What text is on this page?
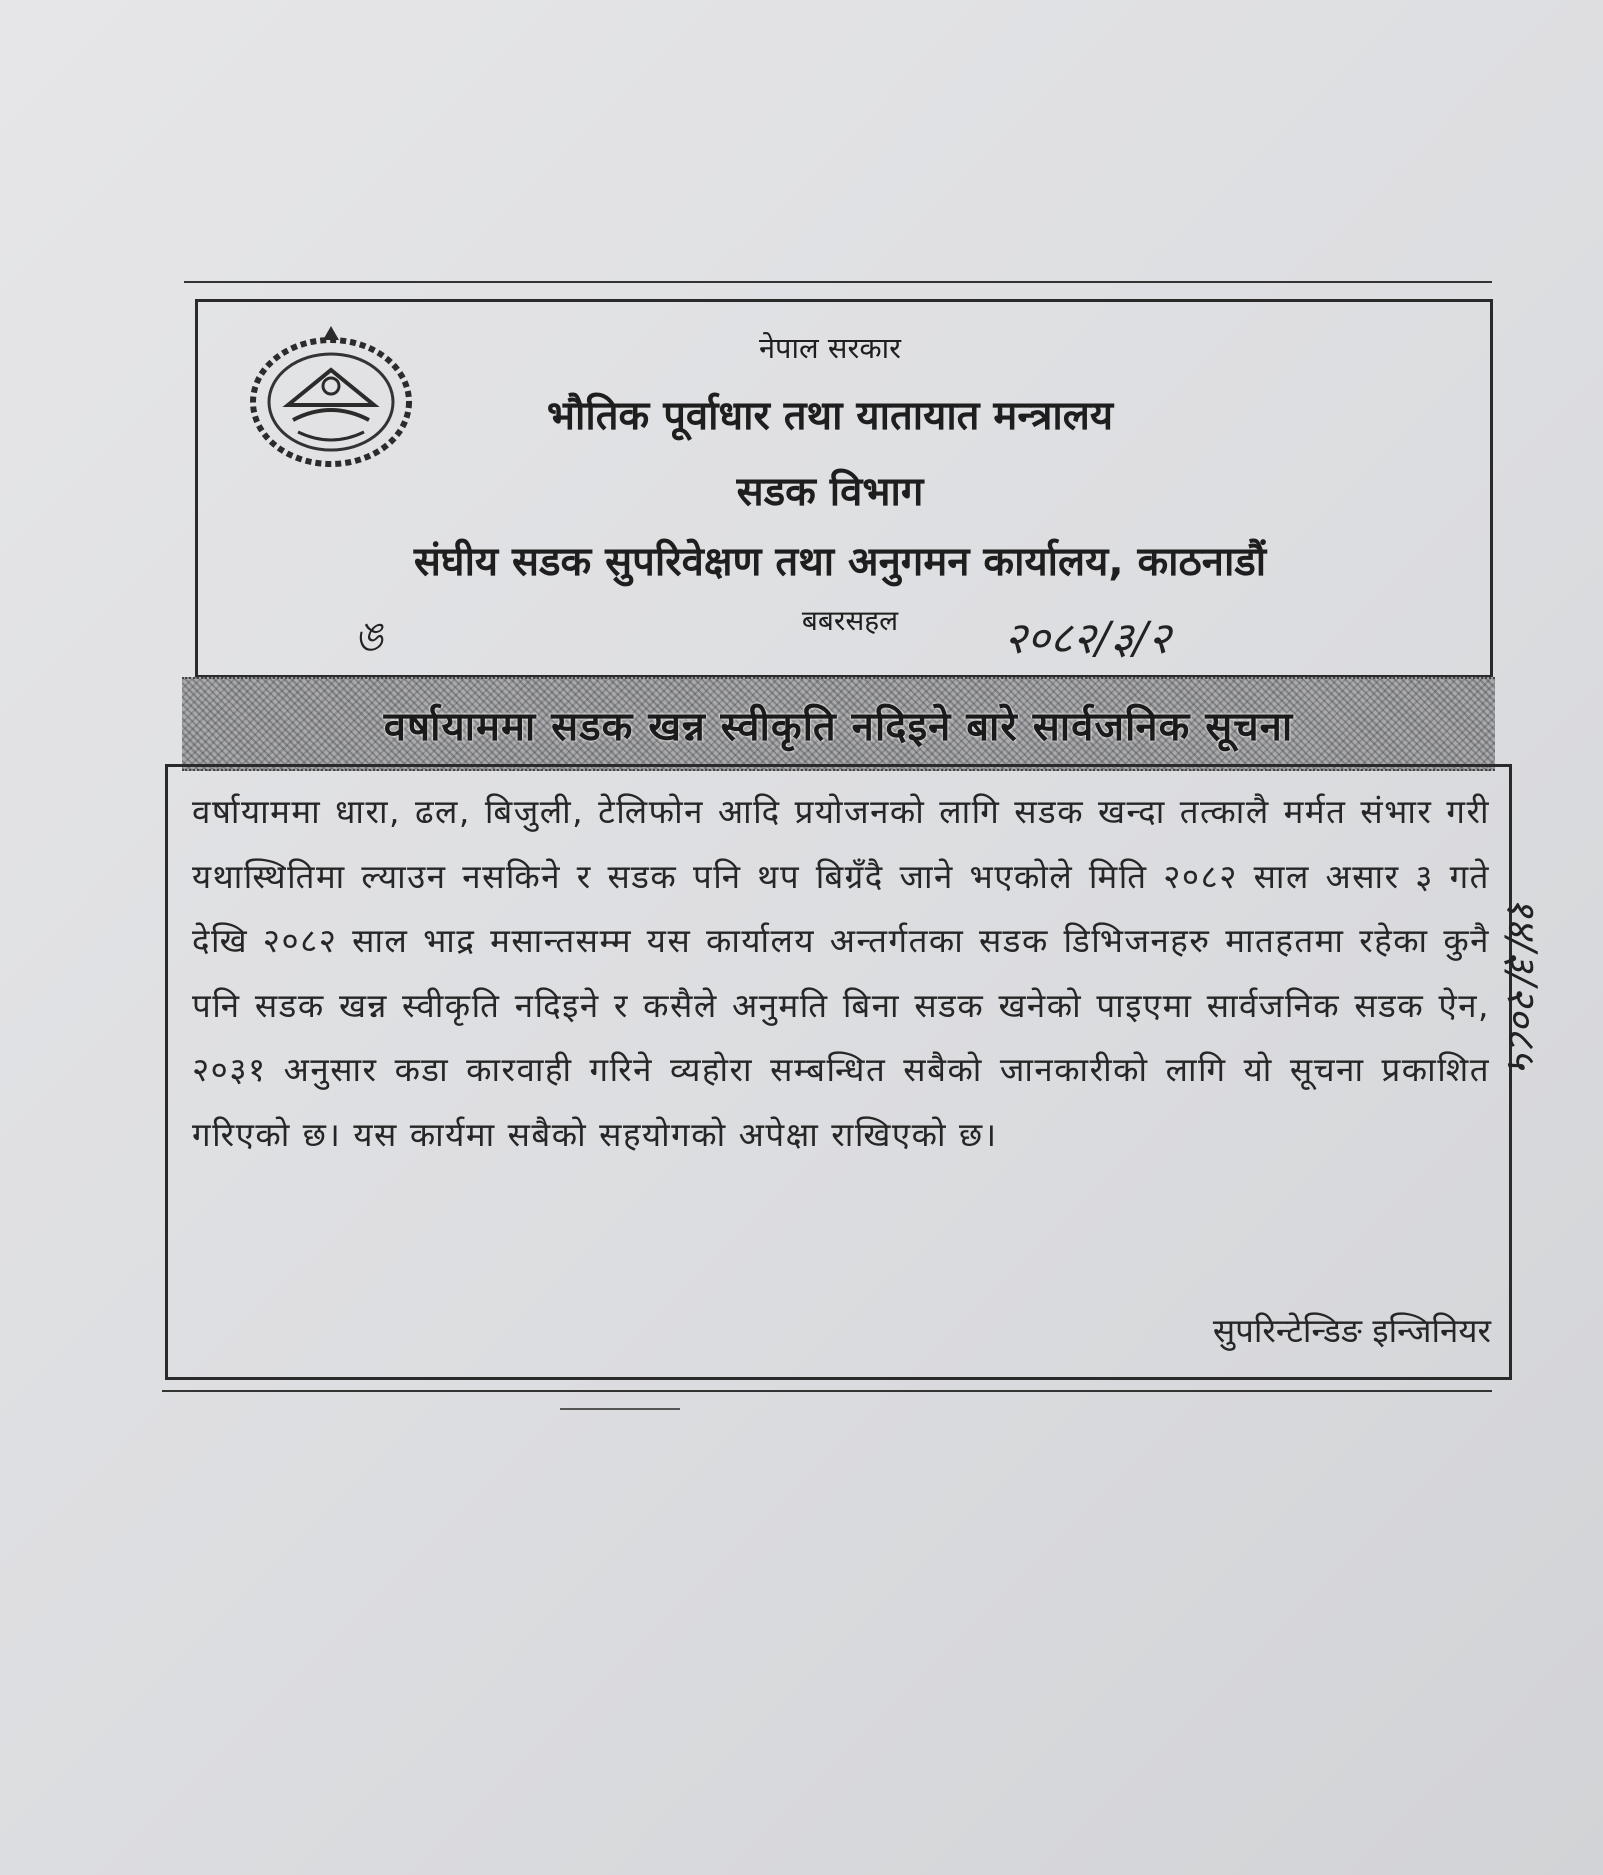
नेपाल सरकार
भौतिक पूर्वाधार तथा यातायात मन्त्रालय
सडक विभाग
संघीय सडक सुपरिवेक्षण तथा अनुगमन कार्यालय, काठनाडौं
बबरसहल
ঙ	२०८२/३/२
वर्षायाममा सडक खन्न स्वीकृति नदिइने बारे सार्वजनिक सूचना
वर्षायाममा धारा, ढल, बिजुली, टेलिफोन आदि प्रयोजनको लागि सडक खन्दा तत्कालै मर्मत संभार गरी यथास्थितिमा ल्याउन नसकिने र सडक पनि थप बिग्रँदै जाने भएकोले मिति २०८२ साल असार ३ गते देखि २०८२ साल भाद्र मसान्तसम्म यस कार्यालय अन्तर्गतका सडक डिभिजनहरु मातहतमा रहेका कुनै पनि सडक खन्न स्वीकृति नदिइने र कसैले अनुमति बिना सडक खनेको पाइएमा सार्वजनिक सडक ऐन, २०३१ अनुसार कडा कारवाही गरिने व्यहोरा सम्बन्धित सबैको जानकारीको लागि यो सूचना प्रकाशित गरिएको छ। यस कार्यमा सबैको सहयोगको अपेक्षा राखिएको छ।
सुपरिन्टेन्डिङ इन्जिनियर
१४/३/२०८५
